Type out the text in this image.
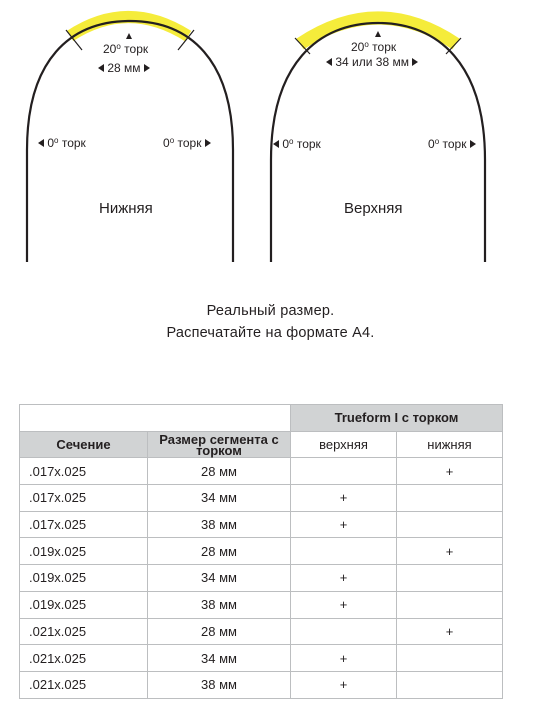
20$^o$ торк
28 мм
0$^o$ торк	0$^o$ торк
Нижняя
20$^o$ торк
34 или 38 мм
0$^o$ торк	0$^o$ торк
Верхняя
Реальный размер.
Распечатайте на формате А4.
		Trueform I с торком	
Сечение	Размер сегмента с торком	верхняя	нижняя
.017x.025	28 мм		+
.017x.025	34 мм	+	
.017x.025	38 мм	+	
.019x.025	28 мм		+
.019x.025	34 мм	+	
.019x.025	38 мм	+	
.021x.025	28 мм		+
.021x.025	34 мм	+	
.021x.025	38 мм	+	
